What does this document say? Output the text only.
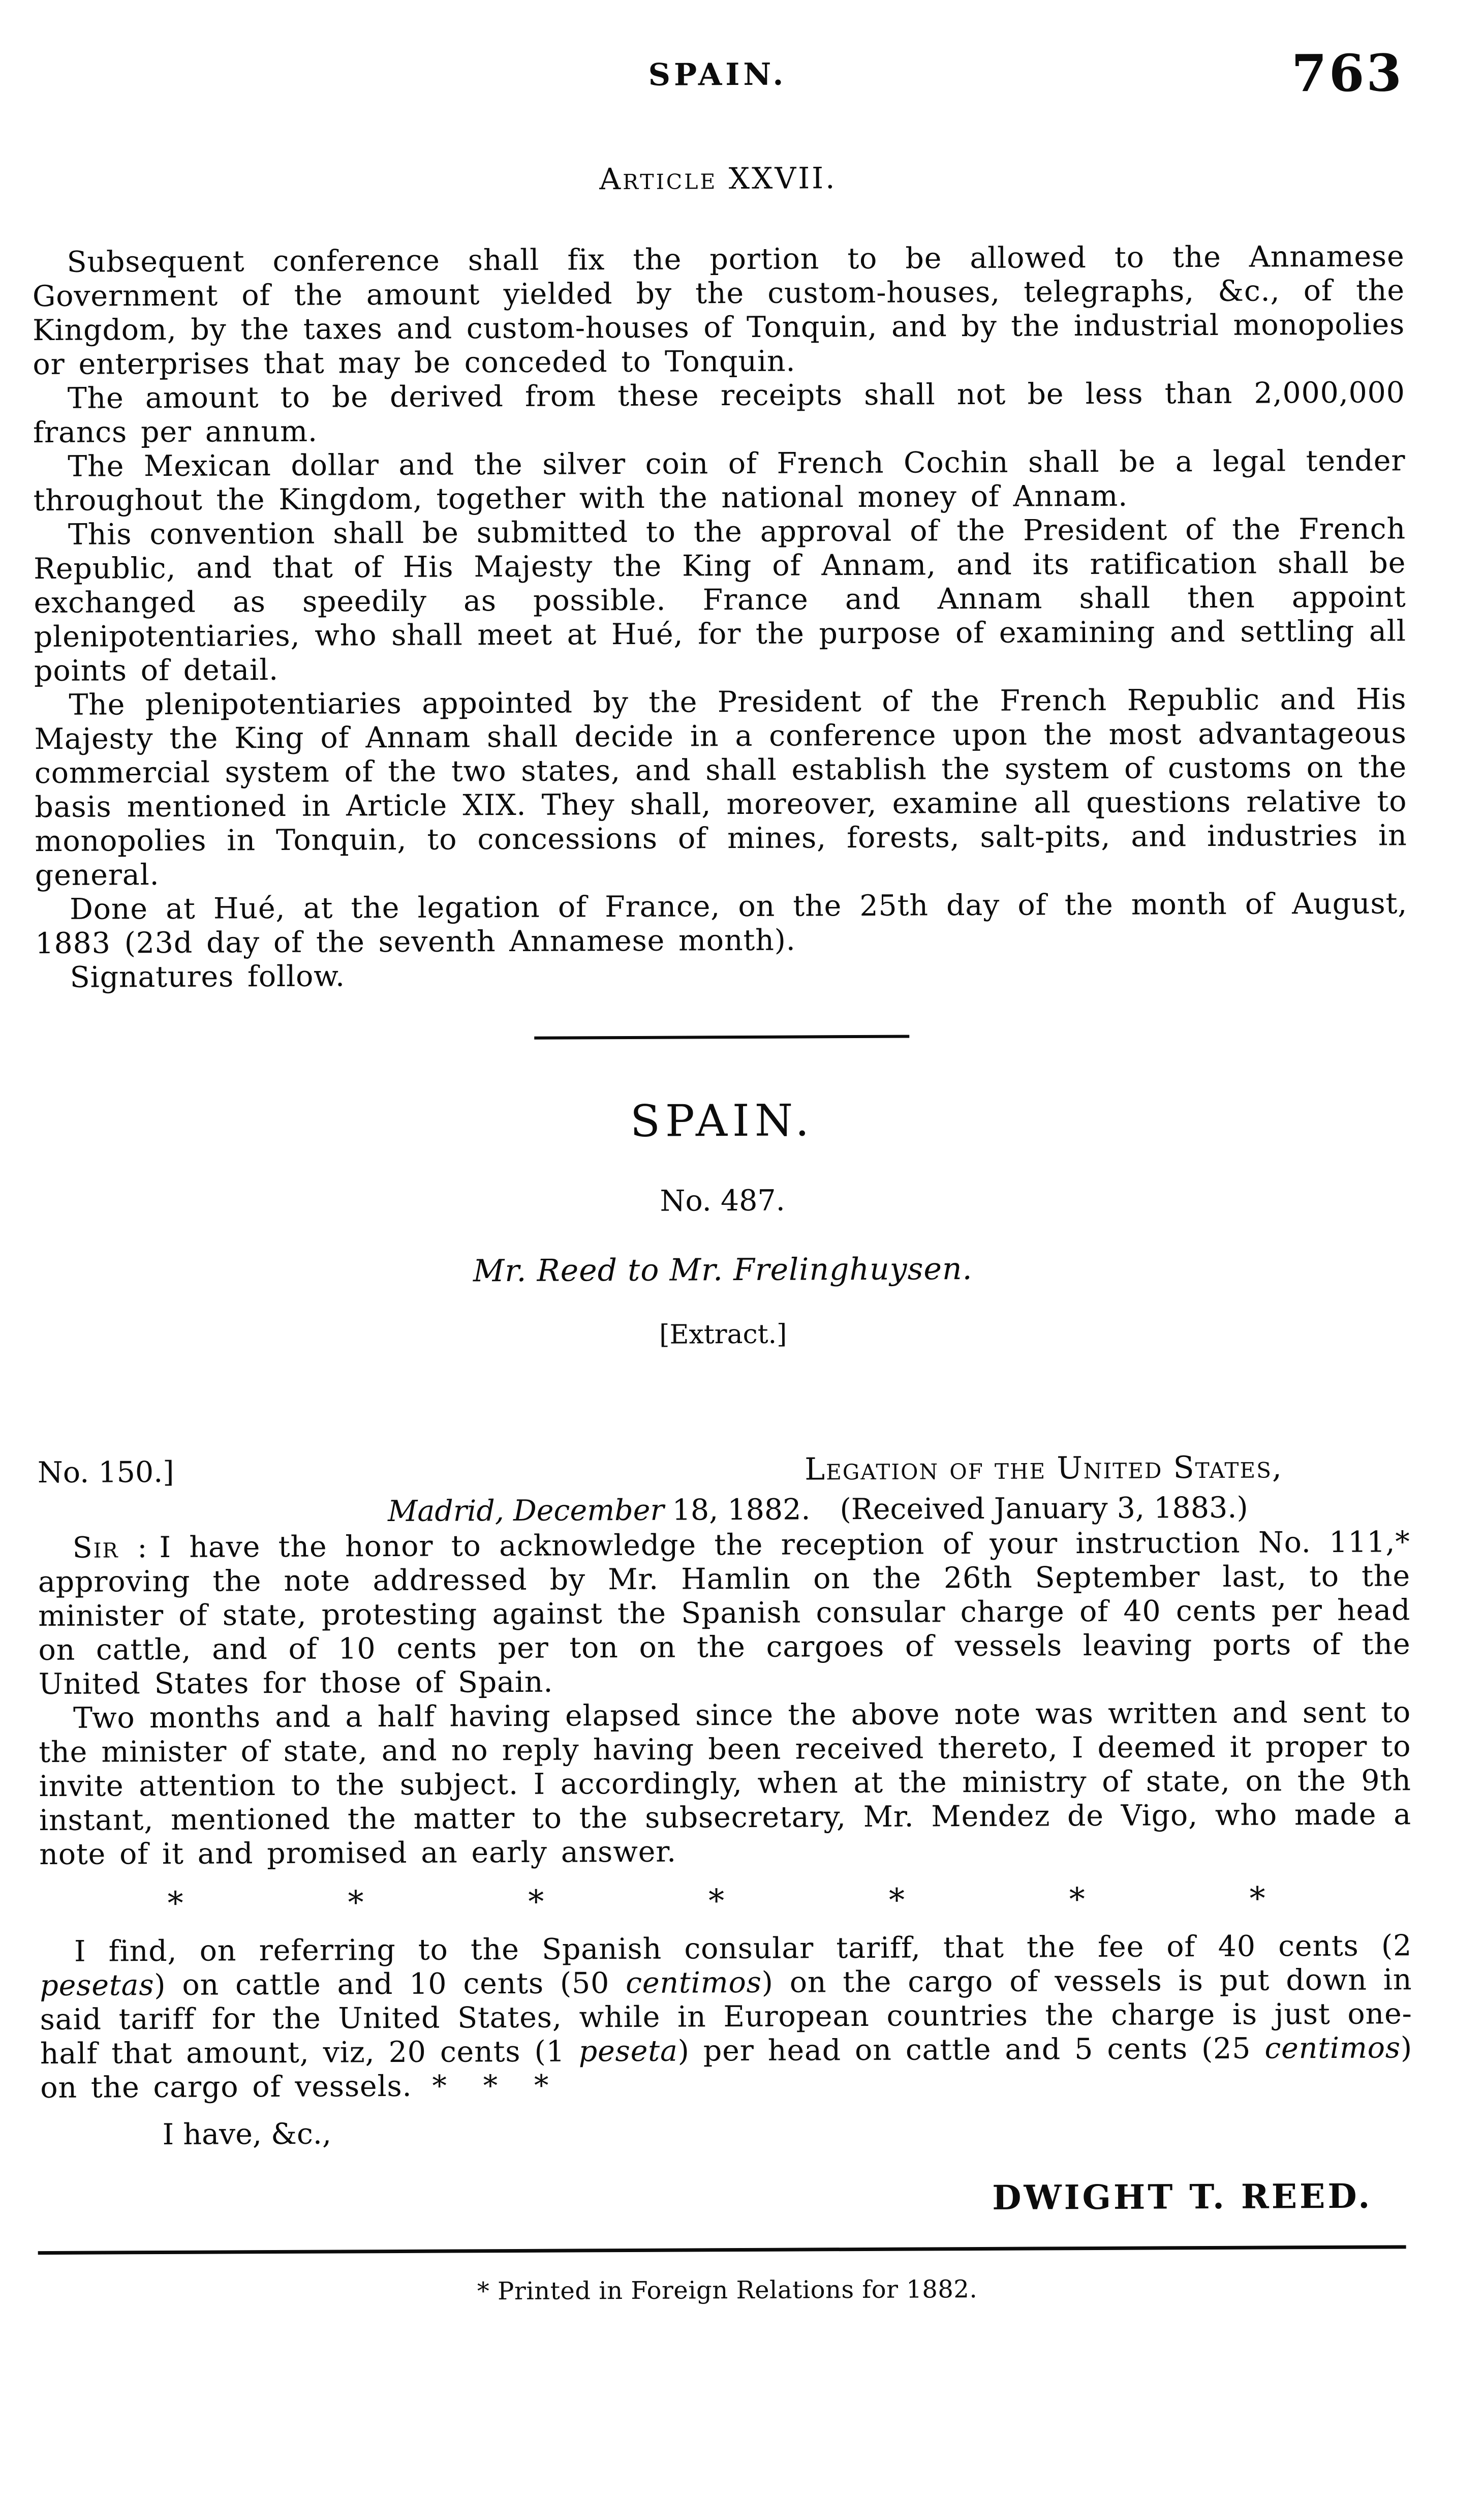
SPAIN.	763
Article XXVII.

Subsequent conference shall fix the portion to be allowed to the Annamese Government of the amount yielded by the custom-houses, telegraphs, &c., of the Kingdom, by the taxes and custom-houses of Tonquin, and by the industrial monopolies or enterprises that may be conceded to Tonquin.

The amount to be derived from these receipts shall not be less than 2,000,000 francs per annum.

The Mexican dollar and the silver coin of French Cochin shall be a legal tender throughout the Kingdom, together with the national money of Annam.

This convention shall be submitted to the approval of the President of the French Republic, and that of His Majesty the King of Annam, and its ratification shall be exchanged as speedily as possible. France and Annam shall then appoint plenipotentiaries, who shall meet at Hué, for the purpose of examining and settling all points of detail.

The plenipotentiaries appointed by the President of the French Republic and His Majesty the King of Annam shall decide in a conference upon the most advantageous commercial system of the two states, and shall establish the system of customs on the basis mentioned in Article XIX. They shall, moreover, examine all questions relative to monopolies in Tonquin, to concessions of mines, forests, salt-pits, and industries in general.

Done at Hué, at the legation of France, on the 25th day of the month of August, 1883 (23d day of the seventh Annamese month).

Signatures follow.

SPAIN.

No. 487.

Mr. Reed to Mr. Frelinghuysen.

[Extract.]

No. 150.]	Legation of the United States,

Madrid, December 18, 1882. (Received January 3, 1883.)

Sir : I have the honor to acknowledge the reception of your instruction No. 111,* approving the note addressed by Mr. Hamlin on the 26th September last, to the minister of state, protesting against the Spanish consular charge of 40 cents per head on cattle, and of 10 cents per ton on the cargoes of vessels leaving ports of the United States for those of Spain.

Two months and a half having elapsed since the above note was written and sent to the minister of state, and no reply having been received thereto, I deemed it proper to invite attention to the subject. I accordingly, when at the ministry of state, on the 9th instant, mentioned the matter to the subsecretary, Mr. Mendez de Vigo, who made a note of it and promised an early answer.

*	*	*	*	*	*	*

I find, on referring to the Spanish consular tariff, that the fee of 40 cents (2 pesetas) on cattle and 10 cents (50 centimos) on the cargo of vessels is put down in said tariff for the United States, while in European countries the charge is just one-half that amount, viz, 20 cents (1 peseta) per head on cattle and 5 cents (25 centimos) on the cargo of vessels. * * *

I have, &c.,

DWIGHT T. REED.

* Printed in Foreign Relations for 1882.
